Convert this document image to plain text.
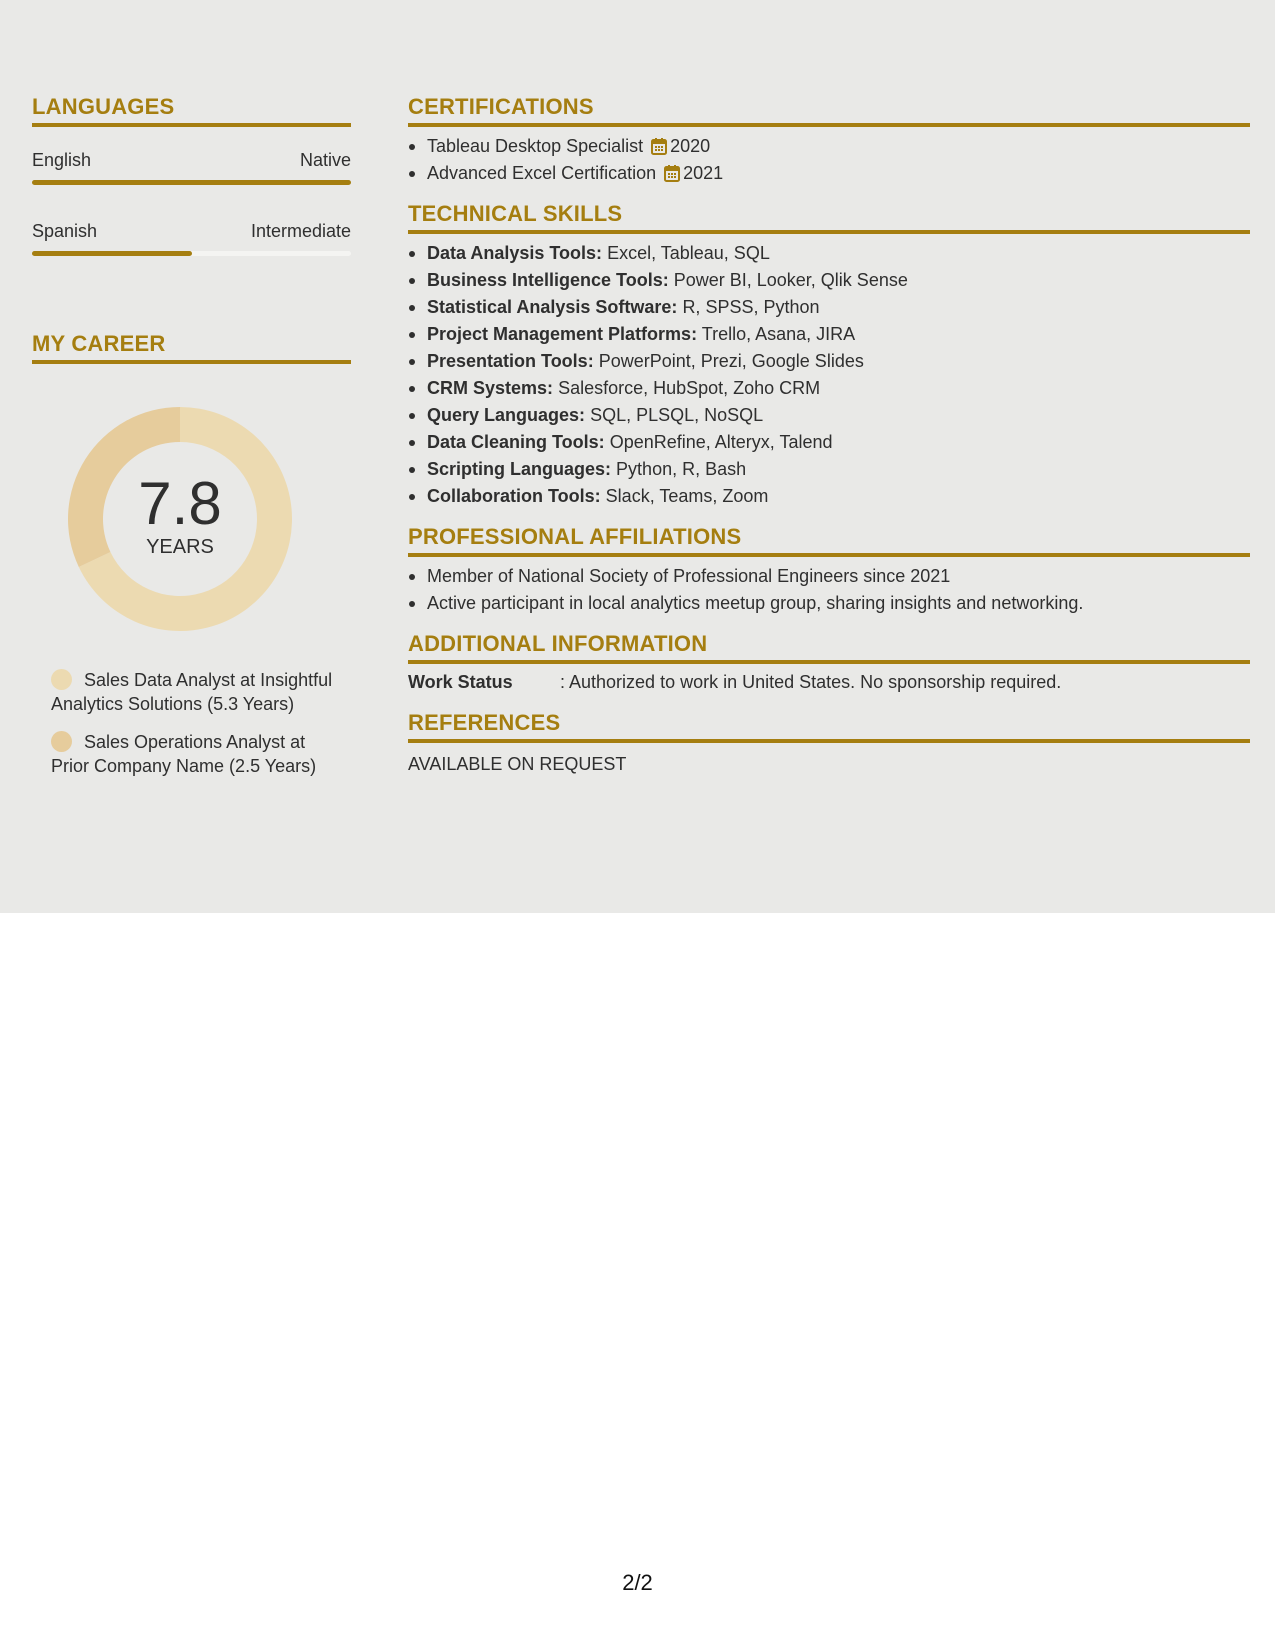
LANGUAGES
English	Native
Spanish	Intermediate
MY CAREER
7.8
YEARS
Sales Data Analyst at Insightful Analytics Solutions (5.3 Years)
Sales Operations Analyst at Prior Company Name (2.5 Years)
CERTIFICATIONS
Tableau Desktop Specialist 2020
Advanced Excel Certification 2021
TECHNICAL SKILLS
Data Analysis Tools: Excel, Tableau, SQL
Business Intelligence Tools: Power BI, Looker, Qlik Sense
Statistical Analysis Software: R, SPSS, Python
Project Management Platforms: Trello, Asana, JIRA
Presentation Tools: PowerPoint, Prezi, Google Slides
CRM Systems: Salesforce, HubSpot, Zoho CRM
Query Languages: SQL, PLSQL, NoSQL
Data Cleaning Tools: OpenRefine, Alteryx, Talend
Scripting Languages: Python, R, Bash
Collaboration Tools: Slack, Teams, Zoom
PROFESSIONAL AFFILIATIONS
Member of National Society of Professional Engineers since 2021
Active participant in local analytics meetup group, sharing insights and networking.
ADDITIONAL INFORMATION
Work Status	: Authorized to work in United States. No sponsorship required.
REFERENCES
AVAILABLE ON REQUEST
2/2
